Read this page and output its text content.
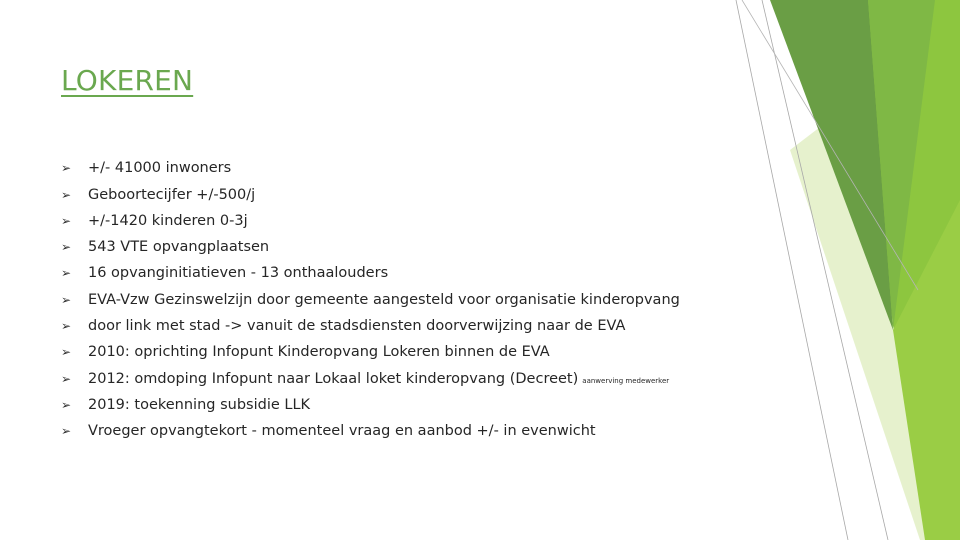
LOKEREN
➢	+/- 41000 inwoners
➢	Geboortecijfer +/-500/j
➢	+/-1420 kinderen 0-3j
➢	543 VTE opvangplaatsen
➢	16 opvanginitiatieven - 13 onthaalouders
➢	EVA-Vzw Gezinswelzijn door gemeente aangesteld voor organisatie kinderopvang
➢	door link met stad -> vanuit de stadsdiensten doorverwijzing naar de EVA
➢	2010: oprichting Infopunt Kinderopvang Lokeren binnen de EVA
➢	2012: omdoping Infopunt naar Lokaal loket kinderopvang (Decreet) aanwerving medewerker
➢	2019: toekenning subsidie LLK
➢	Vroeger opvangtekort - momenteel vraag en aanbod +/- in evenwicht
